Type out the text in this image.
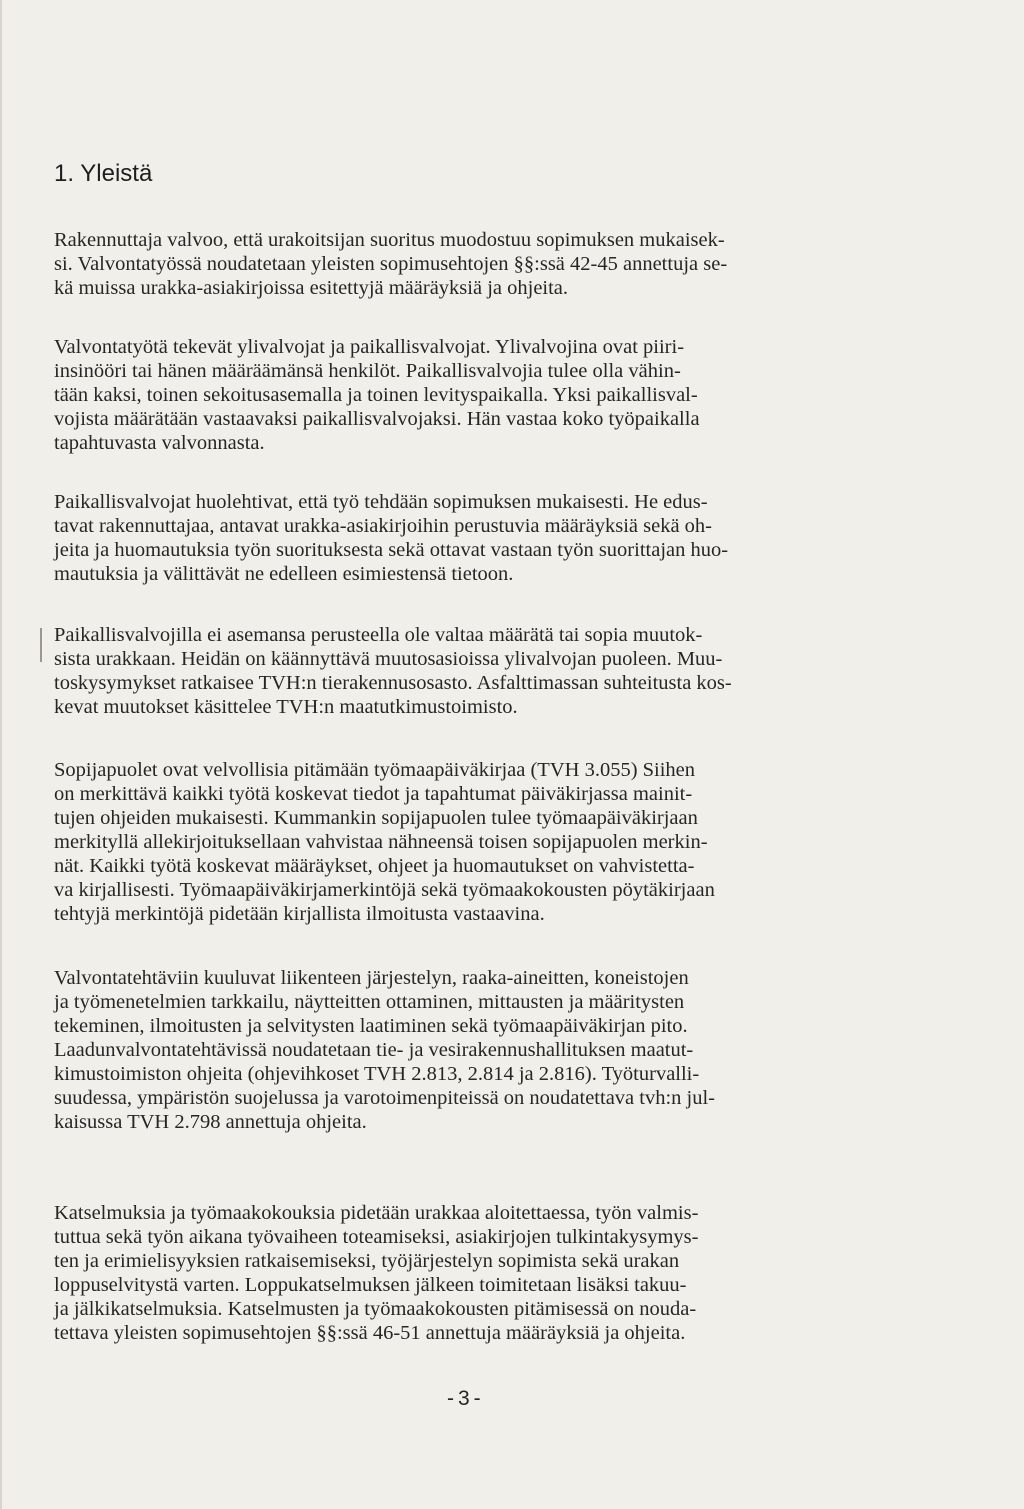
1. Yleistä

Rakennuttaja valvoo, että urakoitsijan suoritus muodostuu sopimuksen mukaisek-
si. Valvontatyössä noudatetaan yleisten sopimusehtojen §§:ssä 42-45 annettuja se-
kä muissa urakka-asiakirjoissa esitettyjä määräyksiä ja ohjeita.

Valvontatyötä tekevät ylivalvojat ja paikallisvalvojat. Ylivalvojina ovat piiri-
insinööri tai hänen määräämänsä henkilöt. Paikallisvalvojia tulee olla vähin-
tään kaksi, toinen sekoitusasemalla ja toinen levityspaikalla. Yksi paikallisval-
vojista määrätään vastaavaksi paikallisvalvojaksi. Hän vastaa koko työpaikalla
tapahtuvasta valvonnasta.

Paikallisvalvojat huolehtivat, että työ tehdään sopimuksen mukaisesti. He edus-
tavat rakennuttajaa, antavat urakka-asiakirjoihin perustuvia määräyksiä sekä oh-
jeita ja huomautuksia työn suorituksesta sekä ottavat vastaan työn suorittajan huo-
mautuksia ja välittävät ne edelleen esimiestensä tietoon.

Paikallisvalvojilla ei asemansa perusteella ole valtaa määrätä tai sopia muutok-
sista urakkaan. Heidän on käännyttävä muutosasioissa ylivalvojan puoleen. Muu-
toskysymykset ratkaisee TVH:n tierakennusosasto. Asfalttimassan suhteitusta kos-
kevat muutokset käsittelee TVH:n maatutkimustoimisto.

Sopijapuolet ovat velvollisia pitämään työmaapäiväkirjaa (TVH 3.055) Siihen
on merkittävä kaikki työtä koskevat tiedot ja tapahtumat päiväkirjassa mainit-
tujen ohjeiden mukaisesti. Kummankin sopijapuolen tulee työmaapäiväkirjaan
merkityllä allekirjoituksellaan vahvistaa nähneensä toisen sopijapuolen merkin-
nät. Kaikki työtä koskevat määräykset, ohjeet ja huomautukset on vahvistetta-
va kirjallisesti. Työmaapäiväkirjamerkintöjä sekä työmaakokousten pöytäkirjaan
tehtyjä merkintöjä pidetään kirjallista ilmoitusta vastaavina.

Valvontatehtäviin kuuluvat liikenteen järjestelyn, raaka-aineitten, koneistojen
ja työmenetelmien tarkkailu, näytteitten ottaminen, mittausten ja määritysten
tekeminen, ilmoitusten ja selvitysten laatiminen sekä työmaapäiväkirjan pito.
Laadunvalvontatehtävissä noudatetaan tie- ja vesirakennushallituksen maatut-
kimustoimiston ohjeita (ohjevihkoset TVH 2.813, 2.814 ja 2.816). Työturvalli-
suudessa, ympäristön suojelussa ja varotoimenpiteissä on noudatettava tvh:n jul-
kaisussa TVH 2.798 annettuja ohjeita.

Katselmuksia ja työmaakokouksia pidetään urakkaa aloitettaessa, työn valmis-
tuttua sekä työn aikana työvaiheen toteamiseksi, asiakirjojen tulkintakysymys-
ten ja erimielisyyksien ratkaisemiseksi, työjärjestelyn sopimista sekä urakan
loppuselvitystä varten. Loppukatselmuksen jälkeen toimitetaan lisäksi takuu-
ja jälkikatselmuksia. Katselmusten ja työmaakokousten pitämisessä on nouda-
tettava yleisten sopimusehtojen §§:ssä 46-51 annettuja määräyksiä ja ohjeita.

-3-
